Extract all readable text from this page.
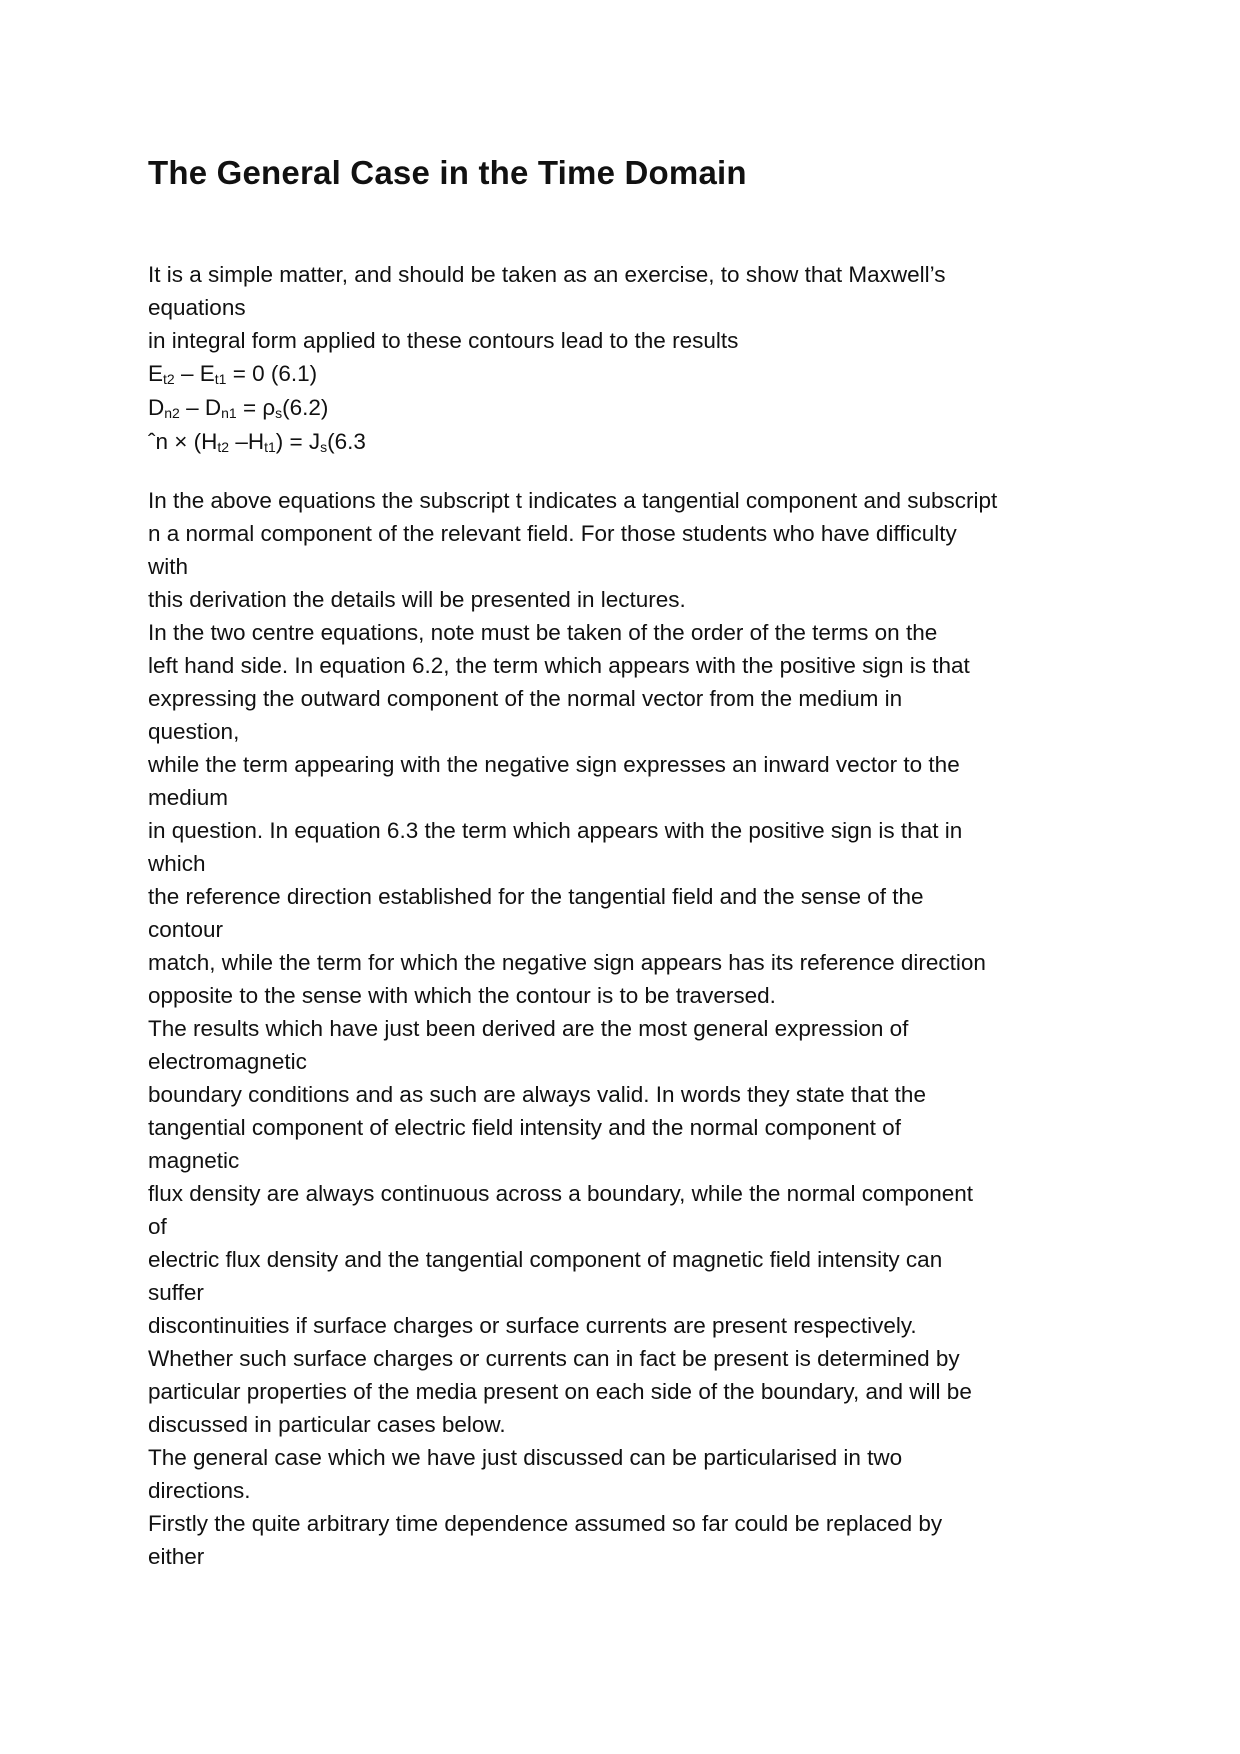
The General Case in the Time Domain
It is a simple matter, and should be taken as an exercise, to show that Maxwell’s
equations
in integral form applied to these contours lead to the results
$E_{t2} - E_{t1} = 0$ (6.1)
$D_{n2} - D_{n1} = \rho_s(6.2)$
ˆn × ($H_{t2}$ $-H_{t1}) = J_s(6.3$
In the above equations the subscript t indicates a tangential component and subscript
n a normal component of the relevant field. For those students who have difficulty
with
this derivation the details will be presented in lectures.
In the two centre equations, note must be taken of the order of the terms on the
left hand side. In equation 6.2, the term which appears with the positive sign is that
expressing the outward component of the normal vector from the medium in
question,
while the term appearing with the negative sign expresses an inward vector to the
medium
in question. In equation 6.3 the term which appears with the positive sign is that in
which
the reference direction established for the tangential field and the sense of the
contour
match, while the term for which the negative sign appears has its reference direction
opposite to the sense with which the contour is to be traversed.
The results which have just been derived are the most general expression of
electromagnetic
boundary conditions and as such are always valid. In words they state that the
tangential component of electric field intensity and the normal component of
magnetic
flux density are always continuous across a boundary, while the normal component
of
electric flux density and the tangential component of magnetic field intensity can
suffer
discontinuities if surface charges or surface currents are present respectively.
Whether such surface charges or currents can in fact be present is determined by
particular properties of the media present on each side of the boundary, and will be
discussed in particular cases below.
The general case which we have just discussed can be particularised in two
directions.
Firstly the quite arbitrary time dependence assumed so far could be replaced by
either
